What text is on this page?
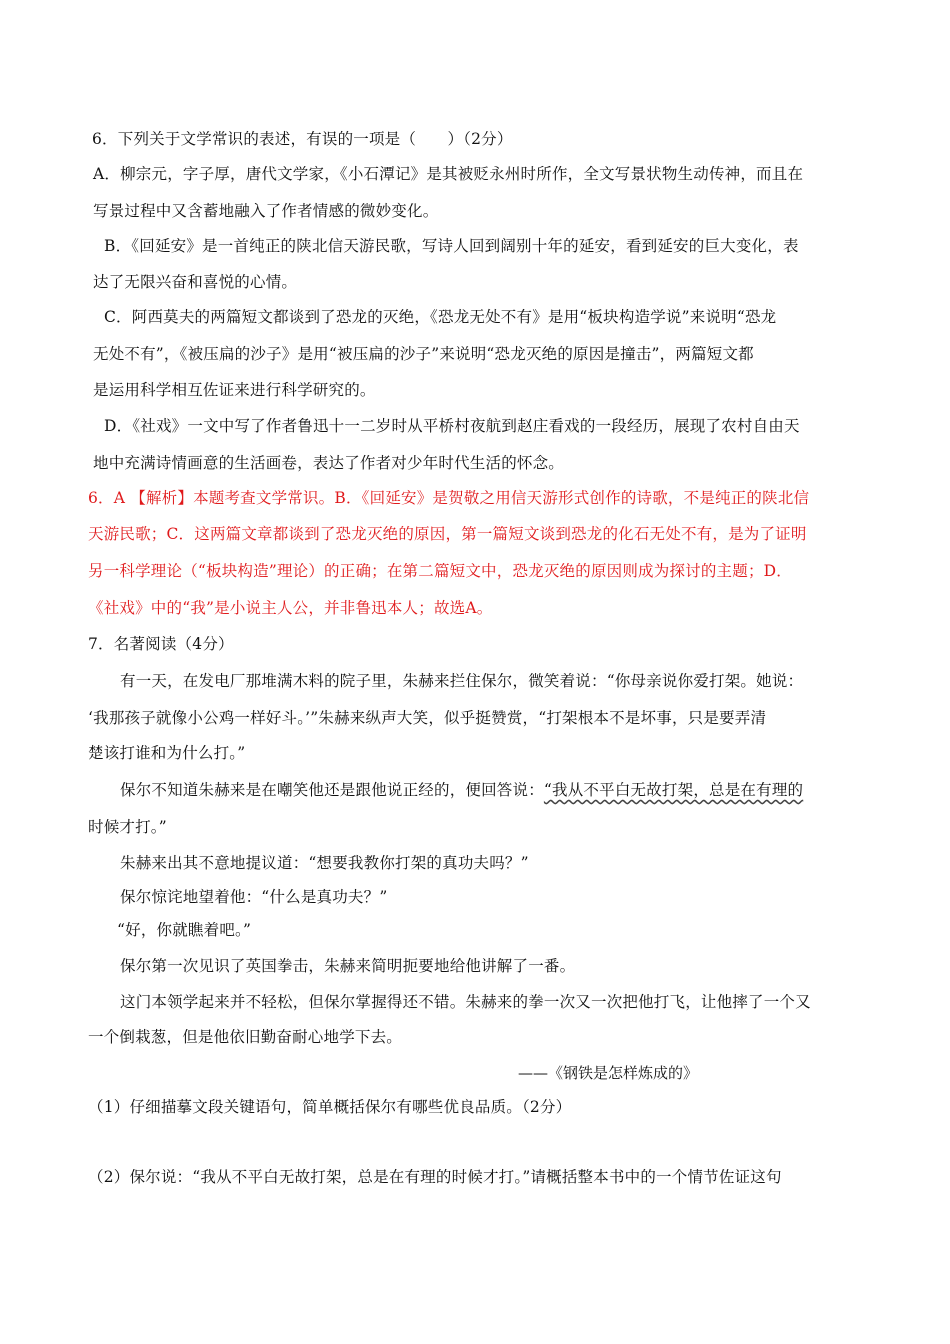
6．下列关于文学常识的表述，有误的一项是（　　）（2分）
A．柳宗元，字子厚，唐代文学家，《小石潭记》是其被贬永州时所作，全文写景状物生动传神，而且在
写景过程中又含蓄地融入了作者情感的微妙变化。
B．《回延安》是一首纯正的陕北信天游民歌，写诗人回到阔别十年的延安，看到延安的巨大变化，表
达了无限兴奋和喜悦的心情。
C．阿西莫夫的两篇短文都谈到了恐龙的灭绝，《恐龙无处不有》是用“板块构造学说”来说明“恐龙
无处不有”，《被压扁的沙子》是用“被压扁的沙子”来说明“恐龙灭绝的原因是撞击”，两篇短文都
是运用科学相互佐证来进行科学研究的。
D．《社戏》一文中写了作者鲁迅十一二岁时从平桥村夜航到赵庄看戏的一段经历，展现了农村自由天
地中充满诗情画意的生活画卷，表达了作者对少年时代生活的怀念。
6．A 【解析】本题考查文学常识。B．《回延安》是贺敬之用信天游形式创作的诗歌，不是纯正的陕北信
天游民歌；C．这两篇文章都谈到了恐龙灭绝的原因，第一篇短文谈到恐龙的化石无处不有，是为了证明
另一科学理论（“板块构造”理论）的正确；在第二篇短文中，恐龙灭绝的原因则成为探讨的主题；D．
《社戏》中的“我”是小说主人公，并非鲁迅本人；故选A。
7．名著阅读（4分）
有一天，在发电厂那堆满木料的院子里，朱赫来拦住保尔，微笑着说：“你母亲说你爱打架。她说：
‘我那孩子就像小公鸡一样好斗。’”朱赫来纵声大笑，似乎挺赞赏，“打架根本不是坏事，只是要弄清
楚该打谁和为什么打。”
保尔不知道朱赫来是在嘲笑他还是跟他说正经的，便回答说：“我从不平白无故打架，总是在有理的
时候才打。”
朱赫来出其不意地提议道：“想要我教你打架的真功夫吗？”
保尔惊诧地望着他：“什么是真功夫？”
“好，你就瞧着吧。”
保尔第一次见识了英国拳击，朱赫来简明扼要地给他讲解了一番。
这门本领学起来并不轻松，但保尔掌握得还不错。朱赫来的拳一次又一次把他打飞，让他摔了一个又
一个倒栽葱，但是他依旧勤奋耐心地学下去。
——《钢铁是怎样炼成的》
（1）仔细描摹文段关键语句，简单概括保尔有哪些优良品质。（2分）
（2）保尔说：“我从不平白无故打架，总是在有理的时候才打。”请概括整本书中的一个情节佐证这句
